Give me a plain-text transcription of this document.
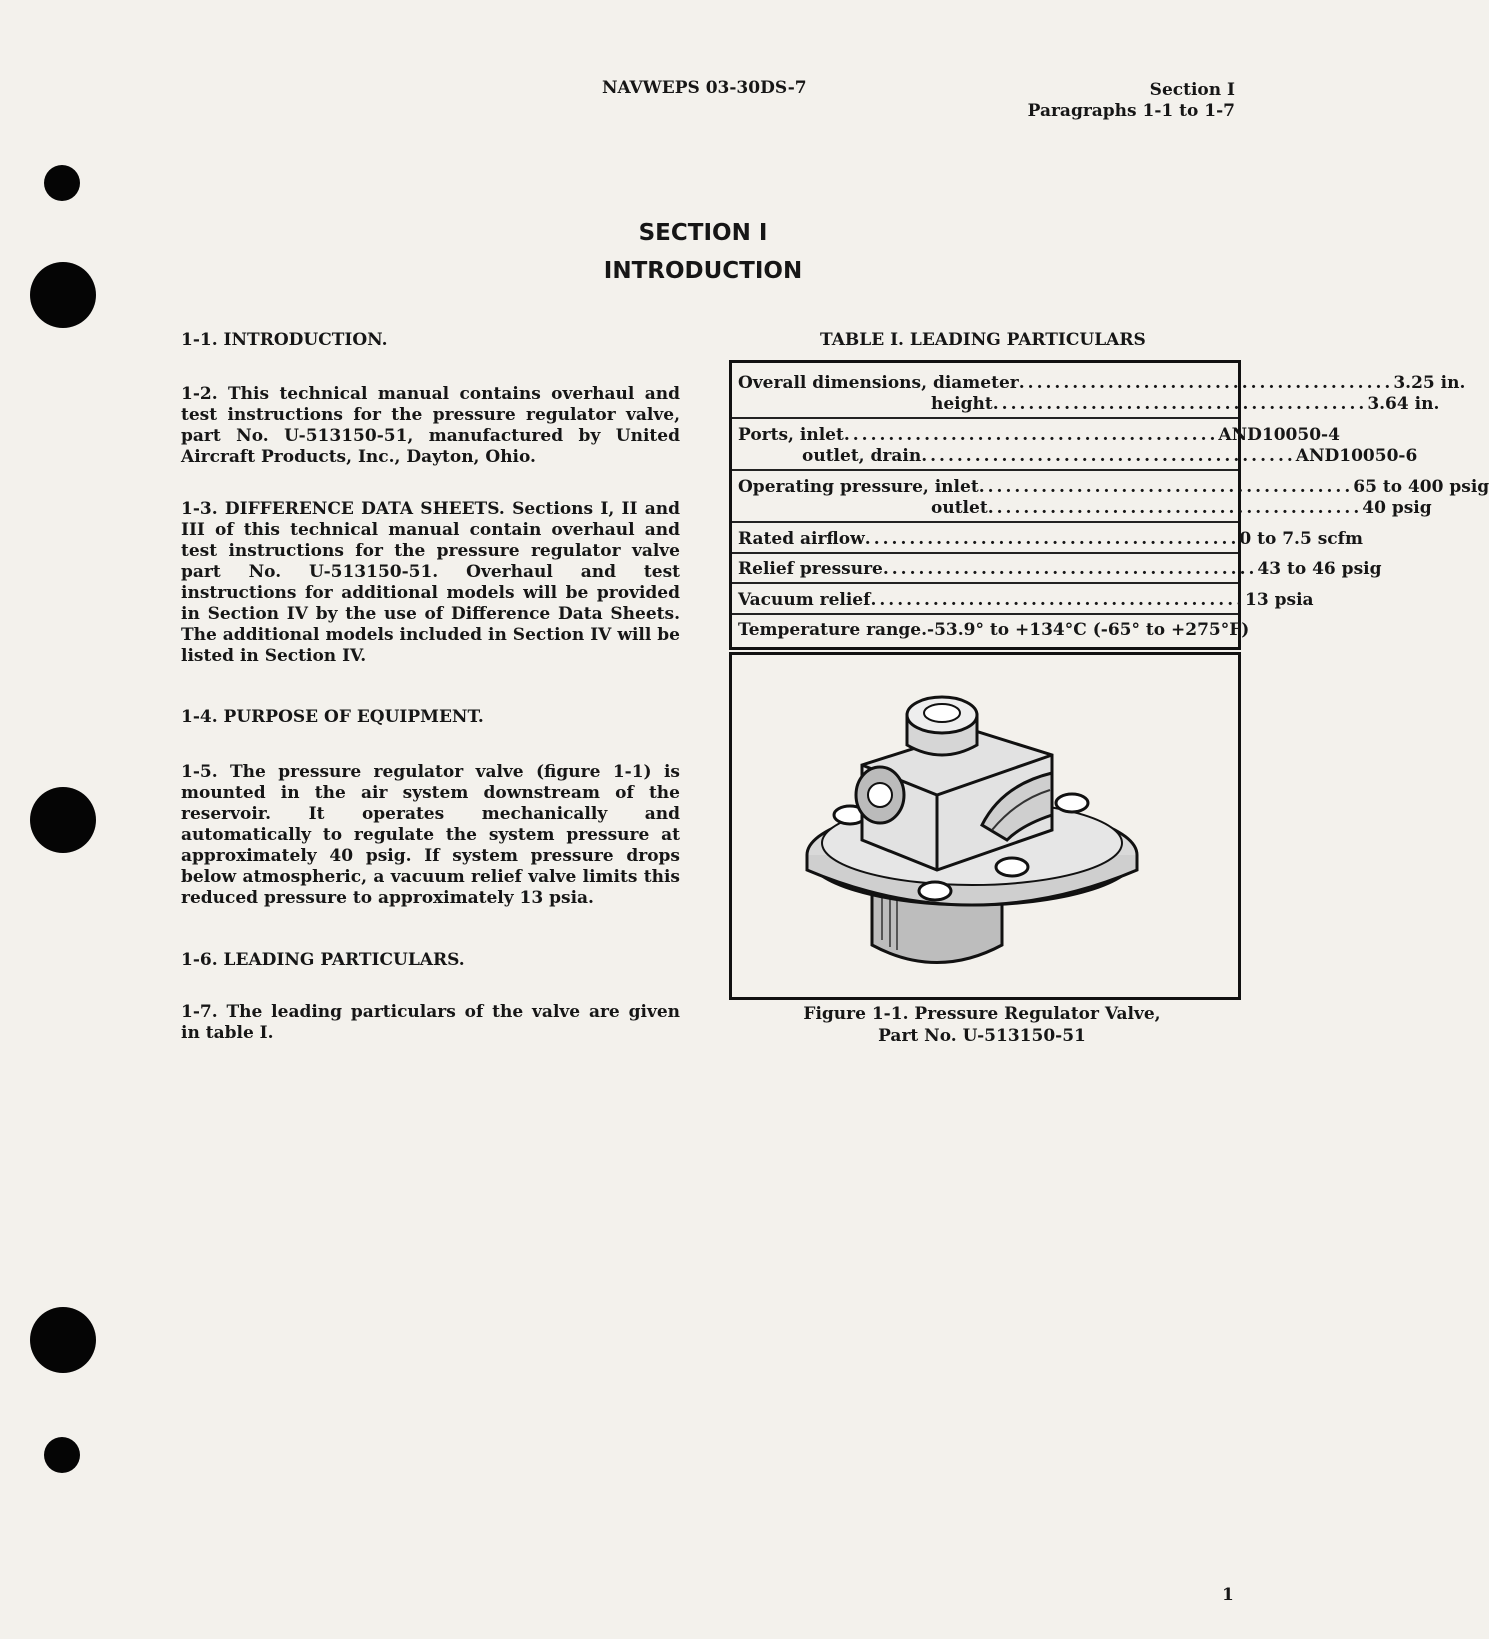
NAVWEPS 03-30DS-7	Section I
Paragraphs 1-1 to 1-7
SECTION I
INTRODUCTION
1-1. INTRODUCTION.
1-2. This technical manual contains overhaul and test instructions for the pressure regulator valve, part No. U-513150-51, manufactured by United Aircraft Products, Inc., Dayton, Ohio.
1-3. DIFFERENCE DATA SHEETS. Sections I, II and III of this technical manual contain overhaul and test instructions for the pressure regulator valve part No. U-513150-51. Overhaul and test instructions for additional models will be provided in Section IV by the use of Difference Data Sheets. The additional models included in Section IV will be listed in Section IV.
1-4. PURPOSE OF EQUIPMENT.
1-5. The pressure regulator valve (figure 1-1) is mounted in the air system downstream of the reservoir. It operates mechanically and automatically to regulate the system pressure at approximately 40 psig. If system pressure drops below atmospheric, a vacuum relief valve limits this reduced pressure to approximately 13 psia.
1-6. LEADING PARTICULARS.
1-7. The leading particulars of the valve are given in table I.
TABLE I. LEADING PARTICULARS
Overall dimensions, diameter .......................................... 3.25 in.
height .......................................... 3.64 in.
Ports, inlet .......................................... AND10050-4
outlet, drain .......................................... AND10050-6
Operating pressure, inlet .......................................... 65 to 400 psig
outlet .......................................... 40 psig
Rated airflow .......................................... 0 to 7.5 scfm
Relief pressure .......................................... 43 to 46 psig
Vacuum relief .......................................... 13 psia
Temperature range. -53.9° to +134°C (-65° to +275°F)
Figure 1-1. Pressure Regulator Valve,
Part No. U-513150-51
1
